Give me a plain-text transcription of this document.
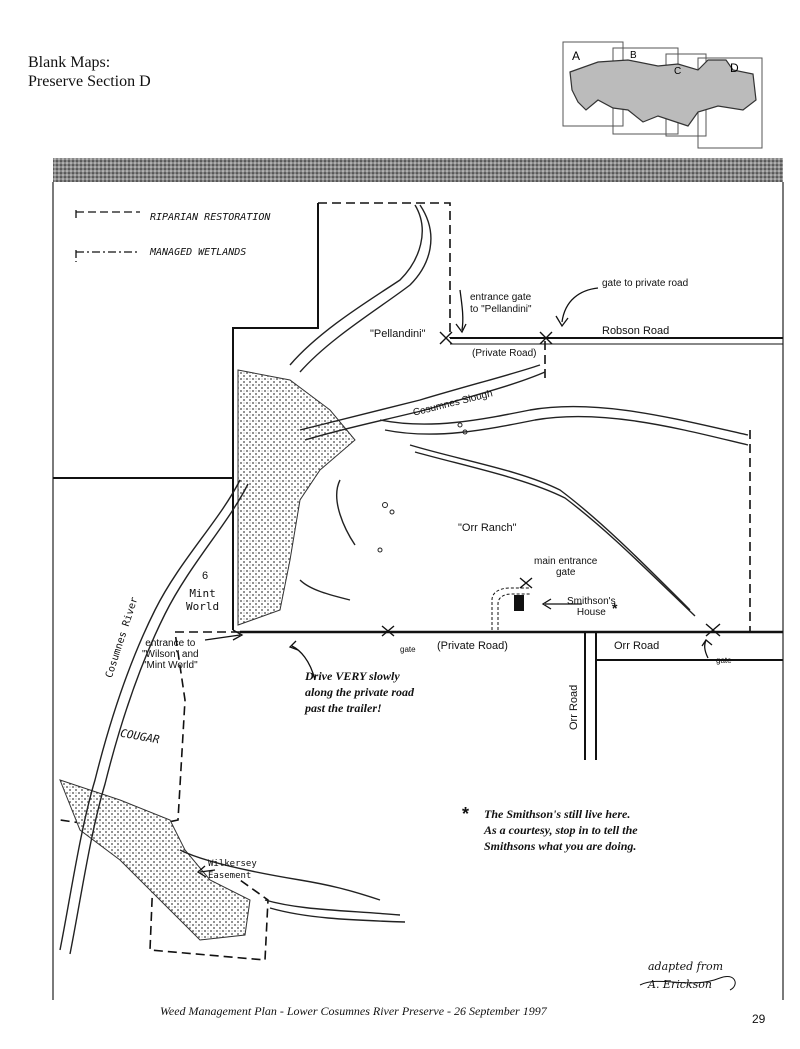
Blank Maps:
Preserve Section D
A	B
C	D
RIPARIAN RESTORATION
MANAGED WETLANDS
entrance gate
to "Pellandini"
gate to private road
Robson Road
"Pellandini"
(Private Road)
Cosumnes Slough
"Orr Ranch"
main entrance
gate
Smithson's
House *
6
Mint
World
Cosumnes River entrance to
"Wilson" and
"Mint World"
gate (Private Road)	Orr Road
Orr Road
gate
Drive VERY slowly
along the private road
past the trailer!
COUGAR
Wilkersey
Easement
* The Smithson's still live here.
As a courtesy, stop in to tell the
Smithsons what you are doing.
adapted from
A. Erickson
Weed Management Plan - Lower Cosumnes River Preserve - 26 September 1997
29
